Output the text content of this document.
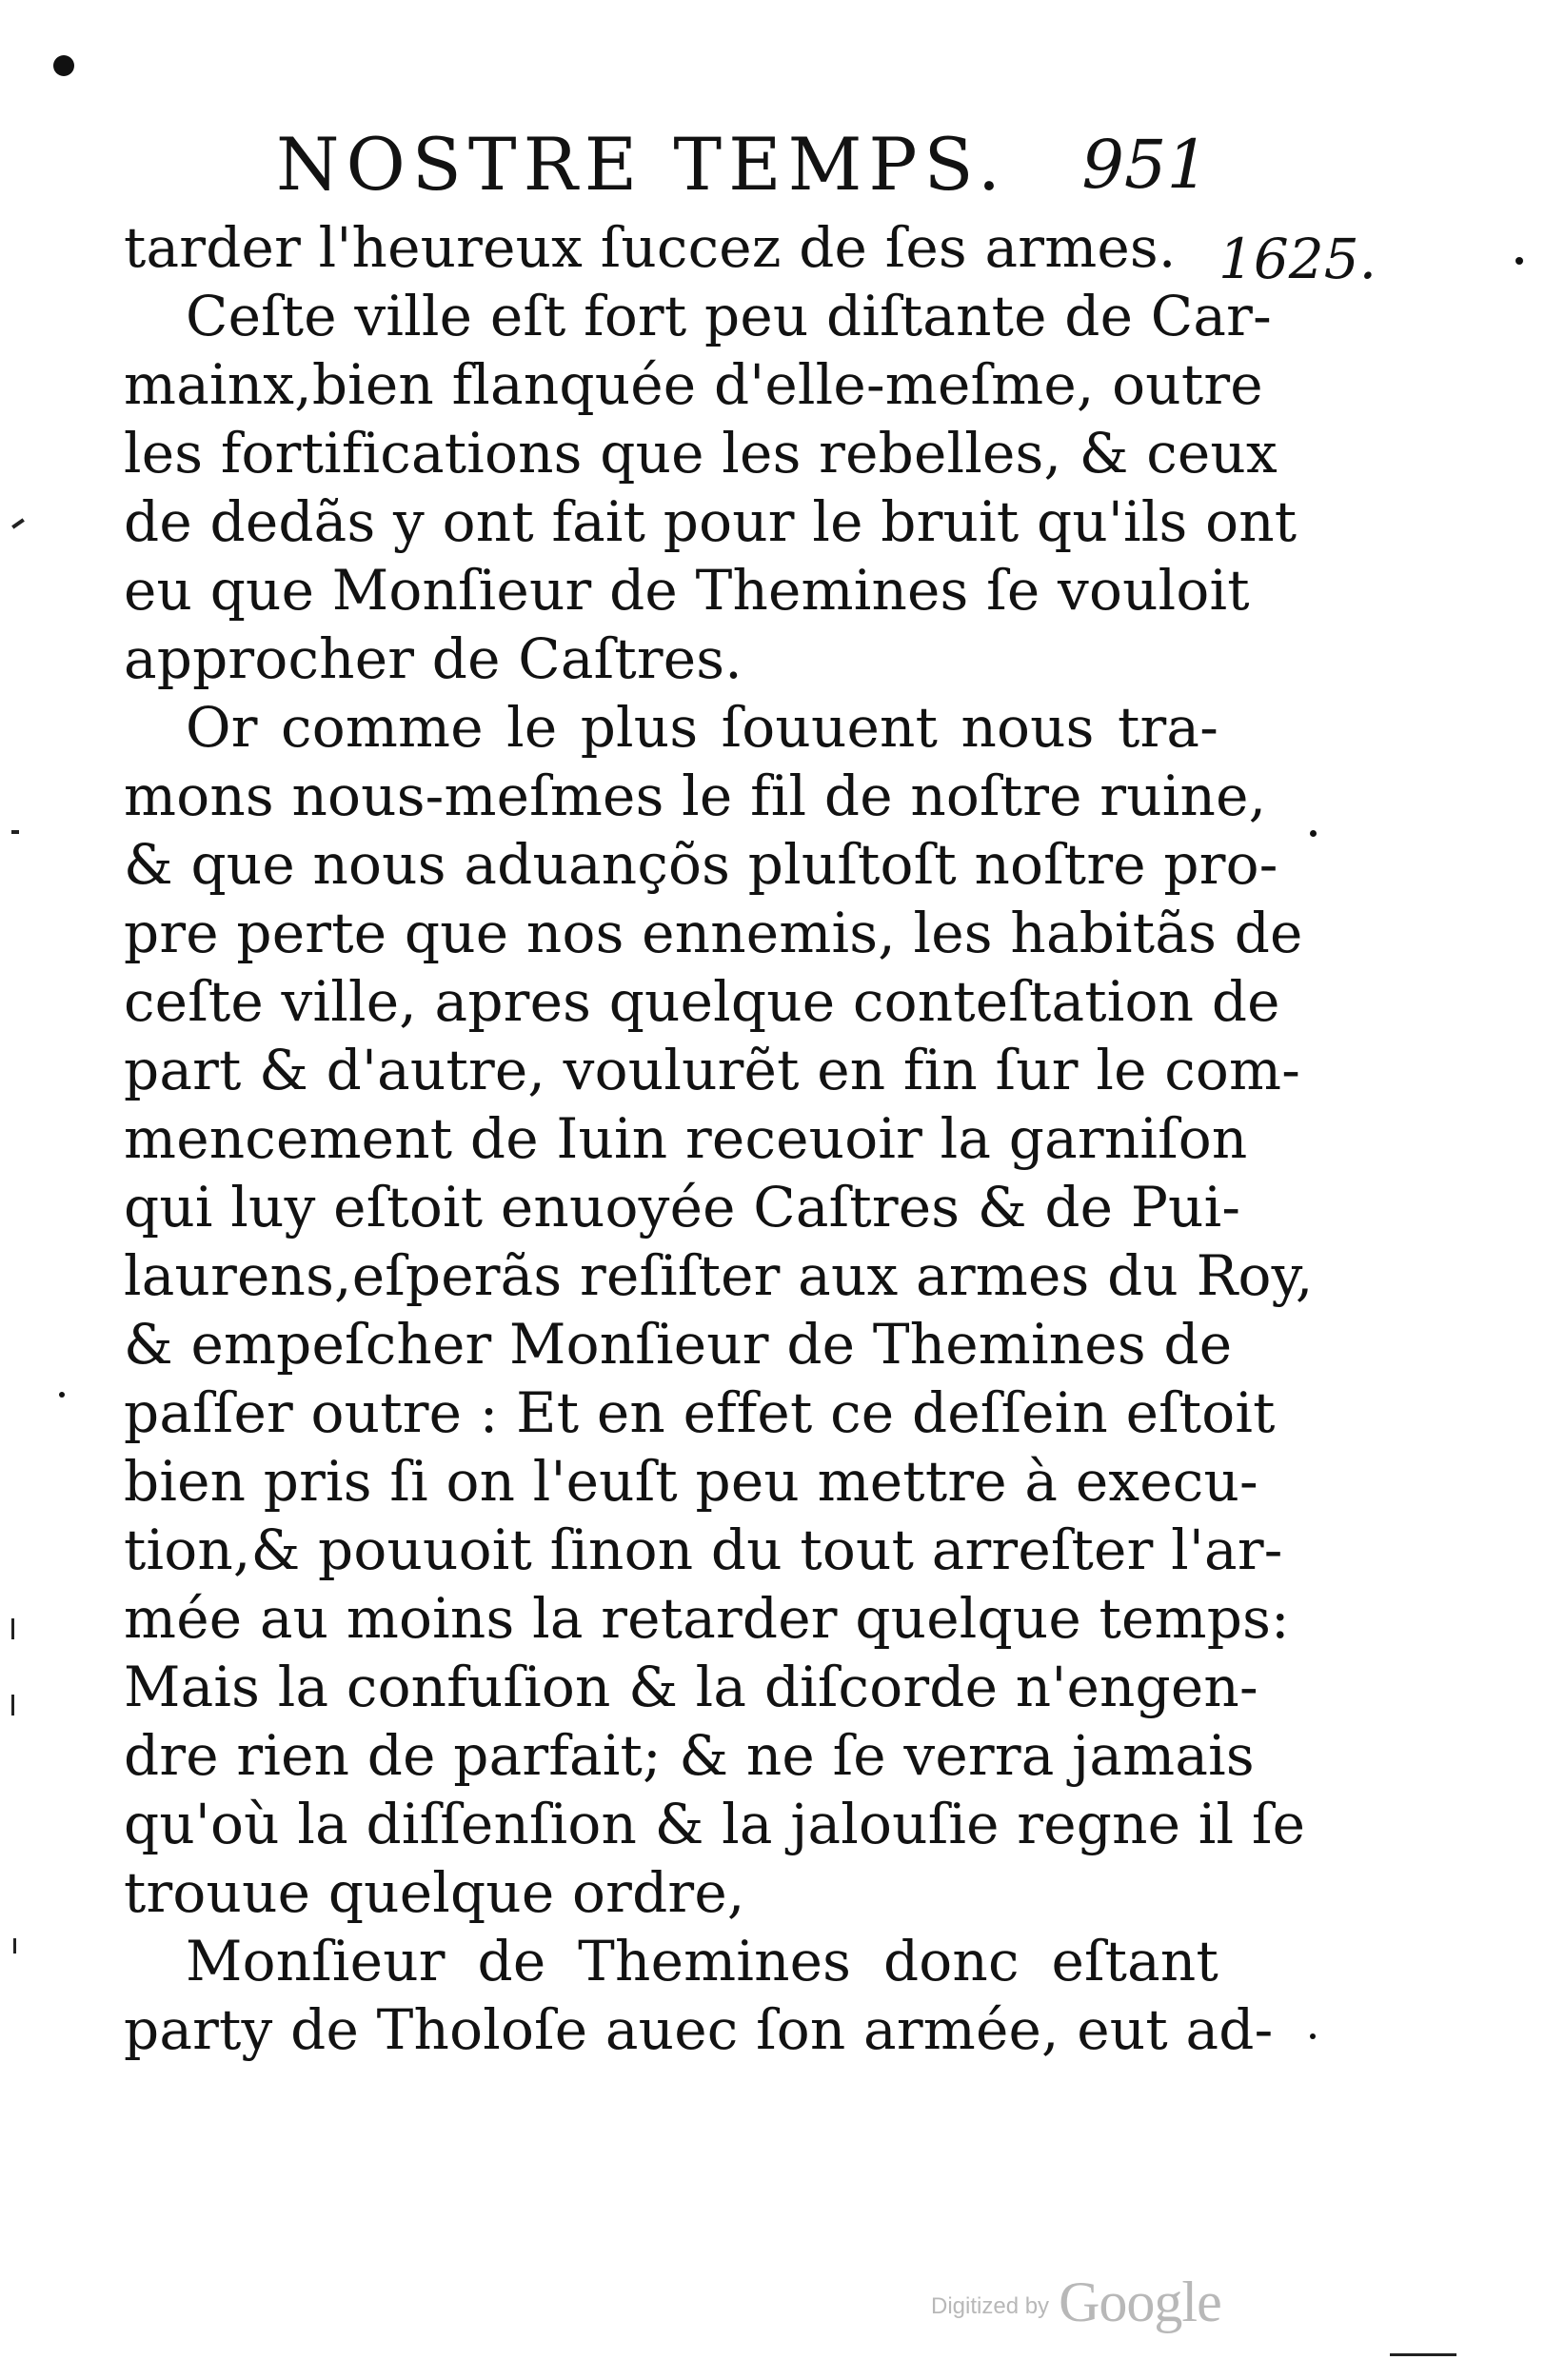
NOSTRE TEMPS. 951
1625.
tarder l'heureux ſuccez de ſes armes.
Ceſte ville eſt fort peu diſtante de Car-
mainx,bien flanquée d'elle-meſme, outre
les fortifications que les rebelles, & ceux
de dedãs y ont fait pour le bruit qu'ils ont
eu que Monſieur de Themines ſe vouloit
approcher de Caſtres.
Or comme le plus ſouuent nous tra-
mons nous-meſmes le fil de noſtre ruine,
& que nous aduançõs pluſtoſt noſtre pro-
pre perte que nos ennemis, les habitãs de
ceſte ville, apres quelque conteſtation de
part & d'autre, voulurẽt en fin ſur le com-
mencement de Iuin receuoir la garniſon
qui luy eſtoit enuoyée Caſtres & de Pui-
laurens,eſperãs reſiſter aux armes du Roy,
& empeſcher Monſieur de Themines de
paſſer outre : Et en effet ce deſſein eſtoit
bien pris ſi on l'euſt peu mettre à execu-
tion,& pouuoit ſinon du tout arreſter l'ar-
mée au moins la retarder quelque temps:
Mais la confuſion & la diſcorde n'engen-
dre rien de parfait; & ne ſe verra jamais
qu'où la diſſenſion & la jalouſie regne il ſe
trouue quelque ordre,
Monſieur de Themines donc eſtant
party de Tholoſe auec ſon armée, eut ad-
Digitized by Google
